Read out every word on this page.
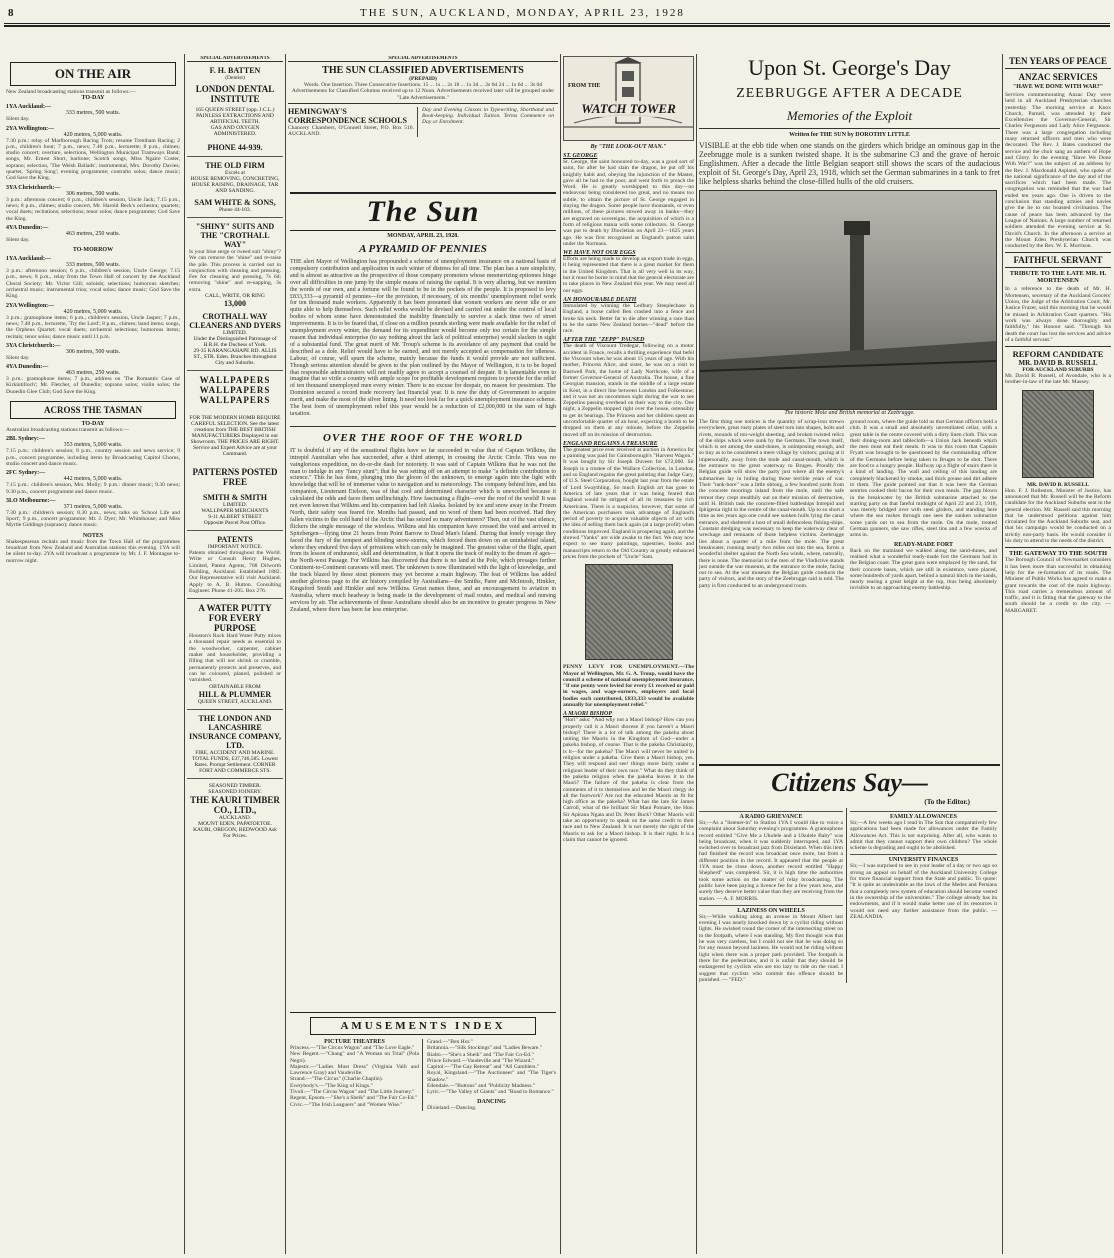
8	THE SUN, AUCKLAND, MONDAY, APRIL 23, 1928
ON THE AIR
New Zealand broadcasting stations transmit as follows:—
TO-DAY
1YA Auckland:—
333 metres, 500 watts.
Silent day.
2YA Wellington:—
420 metres, 5,000 watts.
7.30 p.m.: relay of Marlborough Racing Trots; resume Trentham Racing; 2 p.m., children's hour; 7 p.m., news; 7.40 p.m., lecturette; 8 p.m., chimes; studio concert; overture, selections, Wellington Municipal Tramways Band; songs, Mr. Ernest Short, baritone; Scotch songs, Miss Ngaire Coster, soprano; selection, 'The Welsh Ballads'; instrumental, Mrs. Dorothy Davies; quartet, 'Spring Song'; evening programme; contralto solos; dance music; God Save the King.
3YA Christchurch:—
306 metres, 500 watts.
3 p.m.: afternoon concert; 6 p.m., children's session, Uncle Jack; 7.15 p.m., news; 8 p.m., chimes; studio concert, Mr. Harold Beck's orchestra; quartets; vocal duets; recitations; selections; tenor solos; dance programme; God Save the King.
4YA Dunedin:—
463 metres, 250 watts.
Silent day.
TO-MORROW
1YA Auckland:—
333 metres, 500 watts.
3 p.m.: afternoon session; 6 p.m., children's session, Uncle George; 7.15 p.m., news; 8 p.m., relay from the Town Hall of concert by the Auckland Choral Society; Mr. Victor Gill; soloists; selections; humorous sketches; orchestral music; instrumental trios; vocal solos; dance music; God Save the King.
2YA Wellington:—
420 metres, 5,000 watts.
3 p.m.: gramophone items; 6 p.m., children's session, Uncle Jasper; 7 p.m., news; 7.40 p.m., lecturette, 'Try the Lord'; 8 p.m., chimes; band items; songs, the Orpheus Quartet; vocal duets; orchestral selections; humorous items; recitals; tenor solos; dance music until 11 p.m.
3YA Christchurch:—
306 metres, 500 watts.
Silent day.
4YA Dunedin:—
463 metres, 250 watts.
3 p.m.: gramophone items; 7 p.m., address on 'The Romantic Case of Kirkintilloch'; Mr. Fletcher, of Dunedin; soprano solos; violin solos; the Dunedin Glee Club; God Save the King.
ACROSS THE TASMAN
TO-DAY
Australian broadcasting stations transmit as follows:—
2BL Sydney:—
353 metres, 5,000 watts.
7.15 p.m.: children's session; 8 p.m., country session and news service; 9 p.m., concert programme, including items by Broadcasting Capitol Chorus, studio concert and dance music.
2FC Sydney:—
442 metres, 5,000 watts.
7.15 p.m.: children's session, Mrs. Molly; 9 p.m.: dinner music; 9.30 news; 9.30 p.m., concert programme and dance music.
3LO Melbourne:—
371 metres, 5,000 watts.
7.30 p.m.: children's session; 8.30 p.m., news; talks on 'School Life and Sport'; 9 p.m., concert programme; Mr. J. Dyer; Mr. Whitehouse; and Miss Myrtle Giddings (soprano); dance music.
NOTES
Shakespearean recitals and music from the Town Hall of the programmes broadcast from New Zealand and Australian stations this evening. 1YA will be silent to-day. 2YA will broadcast a programme by Mr. J. F. Montague to-morrow night.
SPECIAL ADVERTISEMENTS
F. H. BATTEN
(Dentist)
LONDON DENTAL INSTITUTE
165 QUEEN STREET (opp. J.C.L.)
PAINLESS EXTRACTIONS AND ARTIFICIAL TEETH.
GAS AND OXYGEN ADMINISTERED.
PHONE 44-939.
THE OLD FIRM
Excels at
HOUSE REMOVING, CONCRETING, HOUSE RAISING, DRAINAGE, TAR AND SANDING.
SAM WHITE & SONS,
Phone 44-103.
"SHINY" SUITS AND THE "CROTHALL WAY"
Is your blue serge or tweed suit "shiny"? We can remove the "shine" and re-raise the pile. This process is carried out in conjunction with cleaning and pressing. Fee for cleaning and pressing, 7s 6d; removing "shine" and re-napping, 3s extra.
CALL, WRITE, OR RING
13,000
CROTHALL WAY CLEANERS AND DYERS
LIMITED.
Under the Distinguished Patronage of H.R.H. the Duchess of York.
29-35 KARANGAHAPE RD. ALLIS ST., STR. Eden. Branches throughout City and Suburbs.
WALLPAPERS
WALLPAPERS
WALLPAPERS
FOR THE MODERN HOMB REQUIRE CAREFUL SELECTION. See the latest creations from THE BEST BRITISH MANUFACTURERS Displayed in our Showroom. THE PRICES ARE RIGHT. Service and Expert Advice are at your Command.
PATTERNS POSTED FREE
SMITH & SMITH
LIMITED.
WALLPAPER MERCHANTS
9-11 ALBERT STREET
Opposite Parcel Post Office.
PATENTS
IMPORTANT NOTICE.
Patents obtained throughout the World. Write or Consult Henry Hughes, Limited, Patent Agents, 708 Dilworth Building, Auckland. Established 1882. Our Representative will visit Auckland. Apply to A. B. Hutton. Consulting Engineer. Phone 41-205. Box 276.
A WATER PUTTY FOR EVERY PURPOSE
Houston's Rock Hard Water Putty mixes a thousand repair needs as essential to the woodworker, carpenter, cabinet maker and householder, providing a filling that will not shrink or crumble, permanently protects and preserves, and can be coloured, planed, polished or varnished.
OBTAINABLE FROM
HILL & PLUMMER
QUEEN STREET, AUCKLAND.
THE LONDON AND LANCASHIRE INSURANCE COMPANY, LTD.
FIRE, ACCIDENT AND MARINE. TOTAL FUNDS, £37,746,585. Lowest Rates. Prompt Settlement. CORNER FORT AND COMMERCE STS.
SEASONED TIMBER.
SEASONED JOINERY.
THE KAURI TIMBER CO., LTD.,
AUCKLAND.
MOUNT EDEN. PAPATOETOE.
KAURI, OREGON, REDWOOD Ask For Prices.
SPECIAL ADVERTISEMENTS
THE SUN CLASSIFIED ADVERTISEMENTS
(PREPAID)
Words. One Insertion. Three Consecutive Insertions. 15 ... 1s ... 2s 18 ... 1s 3d ... 2s 6d 24 ... 1s 6d ... 3s 0d
Advertisements for Classified Columns received up to 12 Noon. Advertisements received later will be grouped under "Late Advertisements."
HEMINGWAY'S CORRESPONDENCE SCHOOLS
Chancery Chambers, O'Connell Street, P.O. Box 516. AUCKLAND.
Day and Evening Classes in Typewriting, Shorthand and Book-keeping. Individual Tuition. Terms Commence on Day or Enrolment.
The Sun
MONDAY, APRIL 23, 1928.
A PYRAMID OF PENNIES
THE alert Mayor of Wellington has propounded a scheme of unemployment insurance on a national basis of compulsory contribution and application in each winter of distress for all time. The plan has a rare simplicity, and is almost as attractive as the prospective of those company promoters whose mesmerizing epitomes hinge over all difficulties in one jump by the simple means of raising the capital. It is very alluring, but we mention the words of our own, and a fortune will be found to be in the pockets of the people. It is proposed to levy £833,333—a pyramid of pennies—for the provision, if necessary, of six months' unemployment relief work for ten thousand male workers. Apparently it has been presumed that women workers are never idle or are quite able to help themselves. Such relief works would be devised and carried out under the control of local bodies of whom some have demonstrated the inability financially to survive a slack time two of street improvements. It is to be feared that, if close on a million pounds sterling were made available for the relief of unemployment every winter, the demand for its expenditure would become only too certain for the simple reason that individual enterprise (to say nothing about the lack of political enterprise) would slacken in sight of a substantial fund. The great merit of Mr. Troup's scheme is its avoidance of any payment that could be described as a dole. Relief would have to be earned, and not merely accepted as compensation for idleness. Labour, of course, will spurn the scheme, mainly because the funds it would provide are not sufficient. Though serious attention should be given to the plan outlined by the Mayor of Wellington, it is to be hoped that responsible administrators will not readily agree to accept a counsel of despair. It is lamentable even to imagine that so virile a country with ample scope for profitable development requires to provide for the relief of ten thousand unemployed men every winter. There is no excuse for despair, no reason for pessimism. The Dominion secured a record trade recovery last financial year. It is now the duty of Government to acquire merit, and make the most of the silver lining. It need not look far for a quick unemployment insurance scheme. The best form of unemployment relief this year would be a reduction of £2,000,000 in the sum of high taxation.
OVER THE ROOF OF THE WORLD
IT is doubtful if any of the sensational flights have so far succeeded in value that of Captain Wilkins, the intrepid Australian who has succeeded, after a third attempt, in crossing the Arctic Circle. This was no vainglorious expedition, no do-or-die dash for notoriety. It was said of Captain Wilkins that he was not the man to indulge in any "fancy stunt"; that he was setting off on an attempt to make "a definite contribution to science." This he has done, plunging into the gloom of the unknown, to emerge again into the light with knowledge that will be of immense value to navigation and to meteorology. The company behind him, and his companion, Lieutenant Eielson, was of that cool and determined character which is unexcelled because it calculated the odds and faces them unflinchingly. How fascinating a flight—over the roof of the world! It was not even known that Wilkins and his companion had left Alaska. Isolated by ice and snow away in the Frozen North, their safety was feared for. Months had passed, and no word of them had been received. Had they fallen victims to the cold hand of the Arctic that has seized so many adventurers? Then, out of the vast silence, flickers the single message of the wireless. Wilkins and his companion have crossed the void and arrived in Spitzbergen—flying time 21 hours from Point Barrow to Dead Man's Island. During that lonely voyage they faced the fury of the tempest and blinding snow-storms, which forced them down on an uninhabited island, where they endured five days of privations which can only be imagined. The greatest value of the flight, apart from its lesson of endurance, skill and determination, is that it opens the track of reality to the dream of ages—the North-west Passage. For Wilkins has discovered that there is no land at the Pole, which presages further Continent-to-Continent caravans will meet. The unknown is now illuminated with the light of knowledge, and the track blazed by these stout pioneers may yet become a main highway. The feat of Wilkins has added another glorious page to the air history compiled by Australians—the Smiths, Parer and McIntosh, Hinkler, Kingsford Smith and Hinkler and now Wilkins. Great names these, and an encouragement to aviation in Australia, where much headway is being made in the development of mail routes, and medical and nursing services by air. The achievements of these Australians should also be an incentive to greater progress in New Zealand, where there has been far less enterprise.
AMUSEMENTS INDEX
PICTURE THEATRES
Princess.—"The Circus Wagon" and "The Love Eagle."
New Regent.—"Chang" and "A Woman on Trial" (Pola Negri).
Majestic.—"Ladies Must Dress" (Virginia Valli and Lawrence Gray) and Vaudeville.
Strand.—"The Circus" (Charlie Chaplin).
Everybody's.—"The King of Kings."
Tivoli.—"The Circus Wagon" and "The Little Journey."
Regent, Epsom.—"She's a Sheik" and "The Fair Co-Ed."
Civic.—"The Irish Leaguers" and "Women Wise."
Grand.—"Ben Hur."
Britannia.—"Silk Stockings" and "Ladies Beware."
Rialto.—"She's a Sheik" and "The Fair Co-Ed."
Prince Edward.—Vaudeville and "The Wizard."
Capitol.—"The Gay Retreat" and "All Gamblers."
Royal, Kingsland.—"The Auctioneer" and "The Tiger's Shadow."
Edendale.—"Buttons" and "Publicity Madness."
Lyric.—"The Valley of Giants" and "Road to Romance."
DANCING
Dixieland.—Dancing.
FROM THE
WATCH TOWER
By "THE LOOK-OUT MAN."
ST. GEORGE
St. George, the saint honoured to-day, was a good sort of saint, for after he had slain the dragon, he put off his knightly habit and, obeying the injunction of the Master, gave all he had to the poor, and went forth to preach the Word. He is greatly worshipped to this day—no endeavour being considered too great, and no means too subtle, to obtain the picture of St. George engaged in slaying the dragon. Some people have thousands, or even millions, of these pictures stowed away in banks—they are engraved on sovereigns, the acquisition of which is a form of religious mania with some collectors. St. George was put to death by Diocletian on April 23—1625 years ago. He was first recognised as England's patron saint under the Normans.
WE HAVE NOT OUR EGGS
Efforts are being made to develop an export trade in eggs, it being represented that there is a great market for them in the United Kingdom. That is all very well in its way, but it must be borne in mind that the general electorate are to take places in New Zealand this year. We may need all our eggs.
AN HONOURABLE DEATH
Immolated by winning the Ledbury Steeplechase in England, a horse called Ben crashed into a fence and broke his neck. Better far to die after winning a race than to be the same New Zealand horses—"dead" before the race.
AFTER THE "ZEPP" PAUSED
The death of Viscount Tredegar, following on a motor accident in France, recalls a thrilling experience that befel the Viscount when he was about 15 years of age. With his mother, Princess Alice, and sister, he was on a visit to Bastwell Park, the home of Lady Northcote, wife of a former Governor-General of Australia. The house, a fine Georgian mansion, stands in the middle of a large estate in Kent, in a direct line between London and Folkestone; and it was not an uncommon sight during the war to see Zeppelins passing overhead on their way to the city. One night, a Zeppelin stopped right over the house, ostensibly to get its bearings. The Princess and her children spent an uncomfortable quarter of an hour, expecting a bomb to be dropped on them at any minute, before the Zeppelin moved off on its mission of destruction.
ENGLAND REGAINS A TREASURE
The greatest price ever received at auction in America for a painting was paid for Gainsborough's "Harvest Wagon." It was bought by Sir Joseph Duveen for £72,000. Sir Joseph is a trustee of the Wallace Collection, in London, and so England regains the great painting that Judge Gary, of U.S. Steel Corporation, bought last year from the estate of Lord Swaythling. So much English art has gone to America of late years that it was being feared that England would be stripped of all its treasures by rich Americans. There is a suspicion, however, that some of the American purchasers took advantage of England's period of poverty to acquire valuable objects of art with the idea of selling them back again (at a large profit) when conditions improved. England is prospering again, and the shrewd "Yanks" are wide awake to the fact. We may now expect to see many paintings, tapestries, books and manuscripts return to the Old Country at greatly enhanced prices from the pockets of "Uncle" Sam.
PENNY LEVY FOR UNEMPLOYMENT.—The Mayor of Wellington, Mr. G. A. Troup, would have the council a scheme of national unemployment insurance, "if one penny were levied for every £1 received or paid in wages, and wage-earners, employers and local bodies each contributed, £833,333 would be available annually for unemployment relief."
A MAORI BISHOP
"Hori" asks: "And why not a Maori bishop? How can you properly call it a Maori diocese if you haven't a Maori bishop? There is a lot of talk among the pakeha about uniting the Maoris in the Kingdom of God—under a pakeha bishop, of course. That is the pakeha Christianity, is it—for the pakeha? The Maori will never be united in religion under a pakeha. Give them a Maori bishop, yes. They will respond and see! things more fairly under a religious leader of their own race." What do they think of the pakeha religion when the pakeha leaves it to the Maori? The failure of the pakeha is clear from the comments of it to themselves and let the Maori clergy do all the footwork? Are not the educated Maoris as fit for high office as the pakeha? What has the late Sir James Carroll, what of the brilliant Sir Maui Pomare, the Hon. Sir Apirana Ngata and Dr. Peter Buck? Other Maoris will take an opportunity to speak on the same credit to their race and to New Zealand. It is not merely the right of the Maoris to ask for a Maori bishop. It is their right. It is a claim that cannot be ignored.
Upon St. George's Day
ZEEBRUGGE AFTER A DECADE
Memories of the Exploit
Written for THE SUN by DOROTHY LITTLE
VISIBLE at the ebb tide when one stands on the girders which bridge an ominous gap in the Zeebrugge mole is a sunken twisted shape. It is the submarine C3 and the grave of heroic Englishmen. After a decade the little Belgian seaport still shows the scars of the audacious exploit of St. George's Day, April 23, 1918, which set the German submarines in a tank to fret like helpless sharks behind the close-filled hulls of the old cruisers.
The historic Mole and British memorial at Zeebrugge.
The first thing one notices is the quantity of scrap-iron strewn everywhere, great rusty plates of steel torn into shapes, bolts and rivets, mounds of ton-weight sheeting, and broken twisted relics of the ships which were sunk by the Germans. The town itself, which is set among the sand-dunes, is unimposing enough, and so tiny as to be considered a mere village by visitors; gazing at it impersonally, away from the mole and canal-mouth, which is the entrance to the great waterway to Bruges. Proudly the Belgian guide will show the party just where all the enemy's submarines lay in hiding during those terrible years of war. Their "tank-bore" was a little oblong, a few hundred yards from the concrete moorings inland from the mole, until the safe retreat they crept stealthily out on their mission of destruction, until H. British task the concrete-filled battleships Intrepid and Iphigenia right in the centre of the canal-mouth. Up to so short a time as ten years ago one could see sunken hulls lying the canal entrance, and sheltered a host of small defenceless fishing-ships. Constant dredging was necessary to keep the waterway clear of wreckage and remnants of those helpless victims. Zeebrugge lies about a quarter of a mile from the mole. The great breakwater, running nearly two miles out into the sea, forms a wonderful shelter against the North Sea winds, where, naturally, there is none. The memorial to the men of the Vindictive stands just outside the war museum, at the entrance to the mole, facing out to sea. At the war museum the Belgian guide conducts the party of visitors, and the story of the Zeebrugge raid is told. The party is first conducted to an underground room.
ground room, where the guide told us that German officers held a club. It was a small and absolutely unventilated cellar, with a great table in the centre covered with a dirty linen cloth. This was their dining-room and tablecloth—a Union Jack beneath which the men must eat their meals. It was to this room that Captain Fryatt was brought to be questioned by the commanding officer of the Germans before being taken to Bruges to be shot. There are food to a hungry people. Halfway up a flight of stairs there is a kind of landing. The wall and ceiling of this landing are completely blackened by smoke, and thick grease and dirt adhere to them. The guide pointed out that it was here the German sentries cooked their bacon for their own meals. The gap blown in the breakwater by the British submarine attached to the starting party on that fateful midnight of April 22 and 23, 1918, was merely bridged over with steel girders, and standing here where the sea rushes through one sees the sunken submarine some yards out to sea from the mole. On the mole, treated German gunners, she saw rifles, steel tins and a few wrecks of arms in.
READY-MADE FORT
Back on the mainland we walked along the sand-dunes, and realised what a wonderful ready-made fort the Germans had in the Belgian coast. The great guns were emplaced by the sand, for their concrete bases, which are still in existence, were placed, some hundreds of yards apart, behind a natural hitch in the sands, nearly rearing a great height at the top, thus being absolutely invisible to an approaching enemy battleship.
Citizens Say—
(To the Editor.)
A RADIO GRIEVANCE
Sir,—As a "listener-in" to Station 1YA I would like to voice a complaint about Saturday evening's programme. A gramophone record entitled "Give Me a Ukulele and a Ukulele Baby" was being broadcast, when it was suddenly interrupted, and 1YA switched over to broadcast jazz from Dixieland. When this item had finished the record was broadcast once more, but from a different position in the record. It appeared that the people at 1YA must be close down, another record entitled "Happy Shepherd" was completed. Sir, it is high time the authorities took some action on the matter of relay broadcasting. The public have been paying a licence fee for a few years now, and surely they deserve better value than they are receiving from the station. — A. F. MORRIS.
LAZINESS ON WHEELS
Sir,—While walking along an avenue in Mount Albert last evening I was nearly knocked down by a cyclist riding without lights. He swished round the corner of the intersecting street on to the footpath, where I was standing. My first thought was that he was very careless, but I could not see that he was doing so for any reason beyond laziness. He would not be riding without light when there was a proper path provided. The footpath is there for the pedestrians, and it is unfair that they should be endangered by cyclists who are too lazy to ride on the road. I suggest that cyclists who commit this offence should be punished. — "FED."
FAMILY ALLOWANCES
Sir,—A few weeks ago I read in The Sun that comparatively few applications had been made for allowances under the Family Allowances Act. This is not surprising. After all, who wants to admit that they cannot support their own children? The whole scheme is degrading and ought to be abolished.
UNIVERSITY FINANCES
Sir,—I was surprised to see in your leader of a day or two ago so strong an appeal on behalf of the Auckland University College for more financial support from the State and public. To quote: "It is quite as undesirable as the laws of the Medes and Persians that a completely new system of education should become vested in the ownership of the universities." The college already has its endowments, and if it would make better use of its resources it would not need any further assistance from the public. — ZEALANDIA.
TEN YEARS OF PEACE
ANZAC SERVICES
"HAVE WE DONE WITH WAR?"
Services commemorating Anzac Day were held in all Auckland Presbyterian churches yesterday. The morning service at Knox Church, Parnell, was attended by their Excellencies the Governor-General, Sir Charles Fergusson and Lady Alice Fergusson. There was a large congregation including many returned officers and men who were decorated. The Rev. J. Bates conducted the service and the choir sang an anthem of Hope and Glory. In the evening "Have We Done With War?" was the subject of an address by the Rev. J. Macdonald Aspland, who spoke of the national significance of the day and of the sacrifices which had been made. The congregation was reminded that the war had ended ten years ago. One is driven to the conclusion that standing armies and navies give the lie to our boasted civilisation. The cause of peace has been advanced by the League of Nations. A large number of returned soldiers attended the evening service at St. David's Church. In the afternoon a service at the Mount Eden Presbyterian Church was conducted by the Rev. W. E. Morrison.
FAITHFUL SERVANT
TRIBUTE TO THE LATE MR. H. MORTENSEN
In a reference to the death of Mr. H. Mortensen, secretary of the Auckland Grocers' Union, the Judge of the Arbitration Court, Mr. Justice Frazer, said this morning that he would be missed in Arbitration Court quarters. "His work was always done thoroughly and faithfully," his Honour said. "Through his death the court has lost the services and advice of a faithful servant."
REFORM CANDIDATE
MR. DAVID B. RUSSELL
FOR AUCKLAND SUBURBS
Mr. David B. Russell, of Avondale, who is a brother-in-law of the late Mr. Massey.
MR. DAVID B. RUSSELL
Hon. F. J. Rolleston, Minister of Justice, has announced that Mr. Russell will be the Reform candidate for the Auckland Suburbs seat in the general election. Mr. Russell said this morning that he understood petitions against him circulated for the Auckland Suburbs seat, and that his campaign would be conducted on a strictly non-party basis. He would consider it his duty to attend to the needs of the district.
THE GATEWAY TO THE SOUTH
The Borough Council of Newmarket considers it has been more than successful in obtaining help for the re-formation of its roads. The Minister of Public Works has agreed to make a grant towards the cost of the main highway. This road carries a tremendous amount of traffic, and it is fitting that the gateway to the south should be a credit to the city. — MARGARET.
